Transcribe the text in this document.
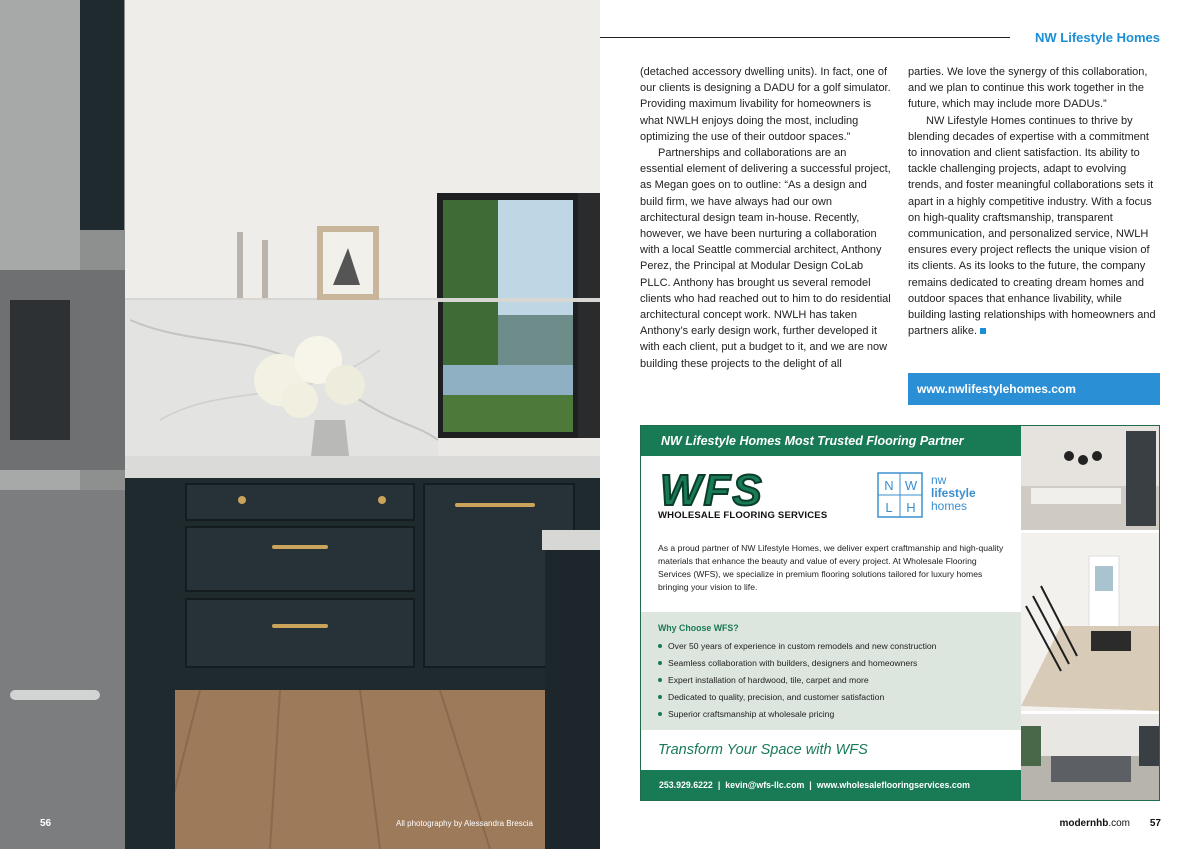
56	All photography by Alessandra Brescia
NW Lifestyle Homes

(detached accessory dwelling units). In fact, one of our clients is designing a DADU for a golf simulator. Providing maximum livability for homeowners is what NWLH enjoys doing the most, including optimizing the use of their outdoor spaces.”

Partnerships and collaborations are an essential element of delivering a successful project, as Megan goes on to outline: “As a design and build firm, we have always had our own architectural design team in-house. Recently, however, we have been nurturing a collaboration with a local Seattle commercial architect, Anthony Perez, the Principal at Modular Design CoLab PLLC. Anthony has brought us several remodel clients who had reached out to him to do residential architectural concept work. NWLH has taken Anthony’s early design work, further developed it with each client, put a budget to it, and we are now building these projects to the delight of all

parties. We love the synergy of this collaboration, and we plan to continue this work together in the future, which may include more DADUs.”

NW Lifestyle Homes continues to thrive by blending decades of expertise with a commitment to innovation and client satisfaction. Its ability to tackle challenging projects, adapt to evolving trends, and foster meaningful collaborations sets it apart in a highly competitive industry. With a focus on high-quality craftsmanship, transparent communication, and personalized service, NWLH ensures every project reflects the unique vision of its clients. As its looks to the future, the company remains dedicated to creating dream homes and outdoor spaces that enhance livability, while building lasting relationships with homeowners and partners alike.

www.nwlifestylehomes.com
NW Lifestyle Homes Most Trusted Flooring Partner
WFS
WHOLESALE FLOORING SERVICES
N W
L H
nw
lifestyle
homes
As a proud partner of NW Lifestyle Homes, we deliver expert craftmanship and high-quality materials that enhance the beauty and value of every project. At Wholesale Flooring Services (WFS), we specialize in premium flooring solutions tailored for luxury homes bringing your vision to life.
Why Choose WFS?
Over 50 years of experience in custom remodels and new construction
Seamless collaboration with builders, designers and homeowners
Expert installation of hardwood, tile, carpet and more
Dedicated to quality, precision, and customer satisfaction
Superior craftsmanship at wholesale pricing
Transform Your Space with WFS
253.929.6222 | kevin@wfs-llc.com | www.wholesaleflooringservices.com
modernhb.com 57
